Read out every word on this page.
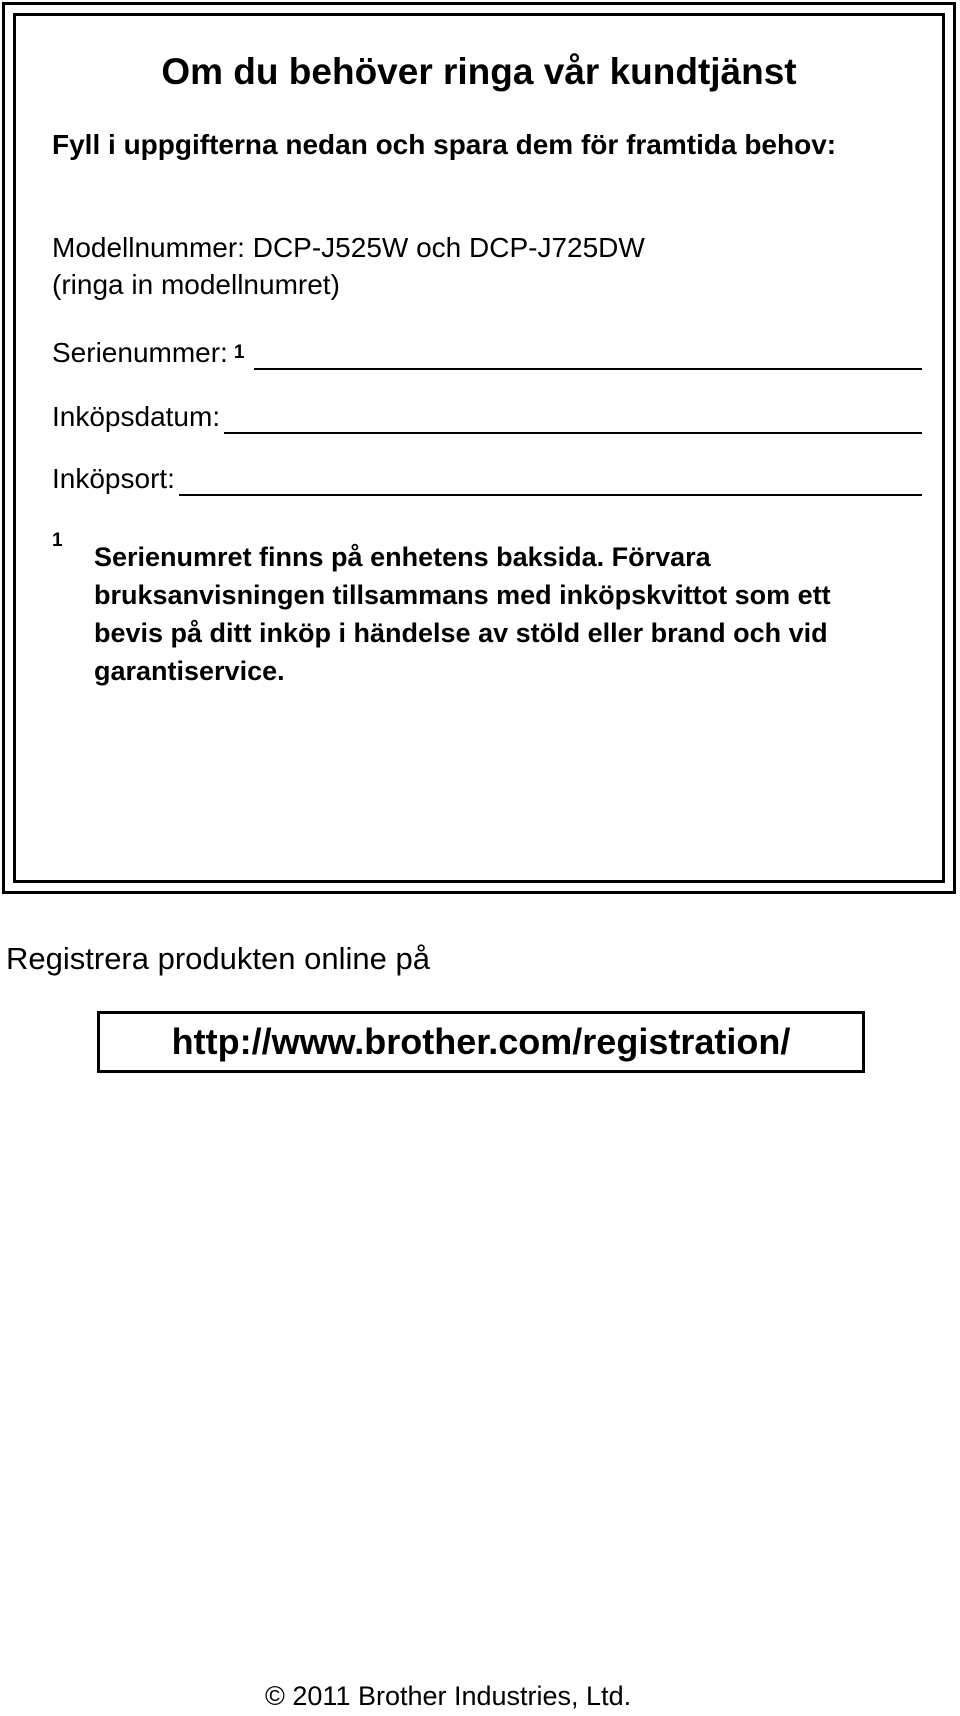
Om du behöver ringa vår kundtjänst
Fyll i uppgifterna nedan och spara dem för framtida behov:
Modellnummer: DCP-J525W och DCP-J725DW
(ringa in modellnumret)
Serienummer: 1
Inköpsdatum:
Inköpsort:
1
Serienumret finns på enhetens baksida. Förvara bruksanvisningen tillsammans med inköpskvittot som ett bevis på ditt inköp i händelse av stöld eller brand och vid garantiservice.
Registrera produkten online på
http://www.brother.com/registration/
© 2011 Brother Industries, Ltd.
